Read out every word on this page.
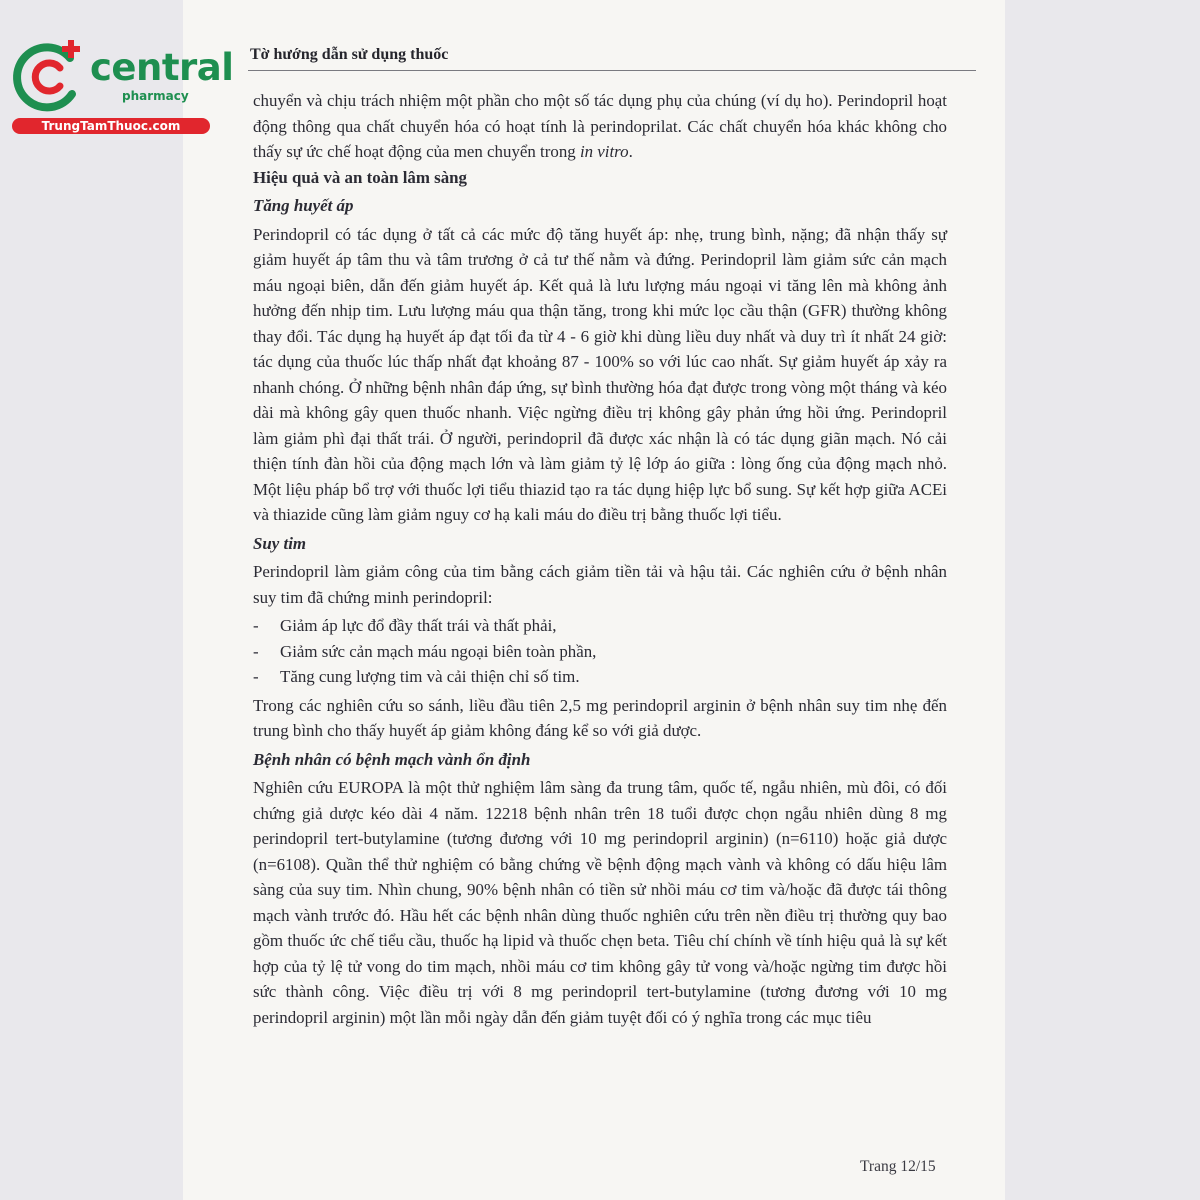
central
pharmacy
TrungTamThuoc.com
Tờ hướng dẫn sử dụng thuốc

chuyển và chịu trách nhiệm một phần cho một số tác dụng phụ của chúng (ví dụ ho). Perindopril hoạt động thông qua chất chuyển hóa có hoạt tính là perindoprilat. Các chất chuyển hóa khác không cho thấy sự ức chế hoạt động của men chuyển trong in vitro.

Hiệu quả và an toàn lâm sàng
Tăng huyết áp

Perindopril có tác dụng ở tất cả các mức độ tăng huyết áp: nhẹ, trung bình, nặng; đã nhận thấy sự giảm huyết áp tâm thu và tâm trương ở cả tư thế nằm và đứng. Perindopril làm giảm sức cản mạch máu ngoại biên, dẫn đến giảm huyết áp. Kết quả là lưu lượng máu ngoại vi tăng lên mà không ảnh hưởng đến nhịp tim. Lưu lượng máu qua thận tăng, trong khi mức lọc cầu thận (GFR) thường không thay đổi. Tác dụng hạ huyết áp đạt tối đa từ 4 - 6 giờ khi dùng liều duy nhất và duy trì ít nhất 24 giờ: tác dụng của thuốc lúc thấp nhất đạt khoảng 87 - 100% so với lúc cao nhất. Sự giảm huyết áp xảy ra nhanh chóng. Ở những bệnh nhân đáp ứng, sự bình thường hóa đạt được trong vòng một tháng và kéo dài mà không gây quen thuốc nhanh. Việc ngừng điều trị không gây phản ứng hồi ứng. Perindopril làm giảm phì đại thất trái. Ở người, perindopril đã được xác nhận là có tác dụng giãn mạch. Nó cải thiện tính đàn hồi của động mạch lớn và làm giảm tỷ lệ lớp áo giữa : lòng ống của động mạch nhỏ. Một liệu pháp bổ trợ với thuốc lợi tiểu thiazid tạo ra tác dụng hiệp lực bổ sung. Sự kết hợp giữa ACEi và thiazide cũng làm giảm nguy cơ hạ kali máu do điều trị bằng thuốc lợi tiểu.

Suy tim

Perindopril làm giảm công của tim bằng cách giảm tiền tải và hậu tải. Các nghiên cứu ở bệnh nhân suy tim đã chứng minh perindopril:

- Giảm áp lực đổ đầy thất trái và thất phải,
- Giảm sức cản mạch máu ngoại biên toàn phần,
- Tăng cung lượng tim và cải thiện chỉ số tim.

Trong các nghiên cứu so sánh, liều đầu tiên 2,5 mg perindopril arginin ở bệnh nhân suy tim nhẹ đến trung bình cho thấy huyết áp giảm không đáng kể so với giả dược.

Bệnh nhân có bệnh mạch vành ổn định

Nghiên cứu EUROPA là một thử nghiệm lâm sàng đa trung tâm, quốc tế, ngẫu nhiên, mù đôi, có đối chứng giả dược kéo dài 4 năm. 12218 bệnh nhân trên 18 tuổi được chọn ngẫu nhiên dùng 8 mg perindopril tert-butylamine (tương đương với 10 mg perindopril arginin) (n=6110) hoặc giả dược (n=6108). Quần thể thử nghiệm có bằng chứng về bệnh động mạch vành và không có dấu hiệu lâm sàng của suy tim. Nhìn chung, 90% bệnh nhân có tiền sử nhồi máu cơ tim và/hoặc đã được tái thông mạch vành trước đó. Hầu hết các bệnh nhân dùng thuốc nghiên cứu trên nền điều trị thường quy bao gồm thuốc ức chế tiểu cầu, thuốc hạ lipid và thuốc chẹn beta. Tiêu chí chính về tính hiệu quả là sự kết hợp của tỷ lệ tử vong do tim mạch, nhồi máu cơ tim không gây tử vong và/hoặc ngừng tim được hồi sức thành công. Việc điều trị với 8 mg perindopril tert-butylamine (tương đương với 10 mg perindopril arginin) một lần mỗi ngày dẫn đến giảm tuyệt đối có ý nghĩa trong các mục tiêu

Trang 12/15
